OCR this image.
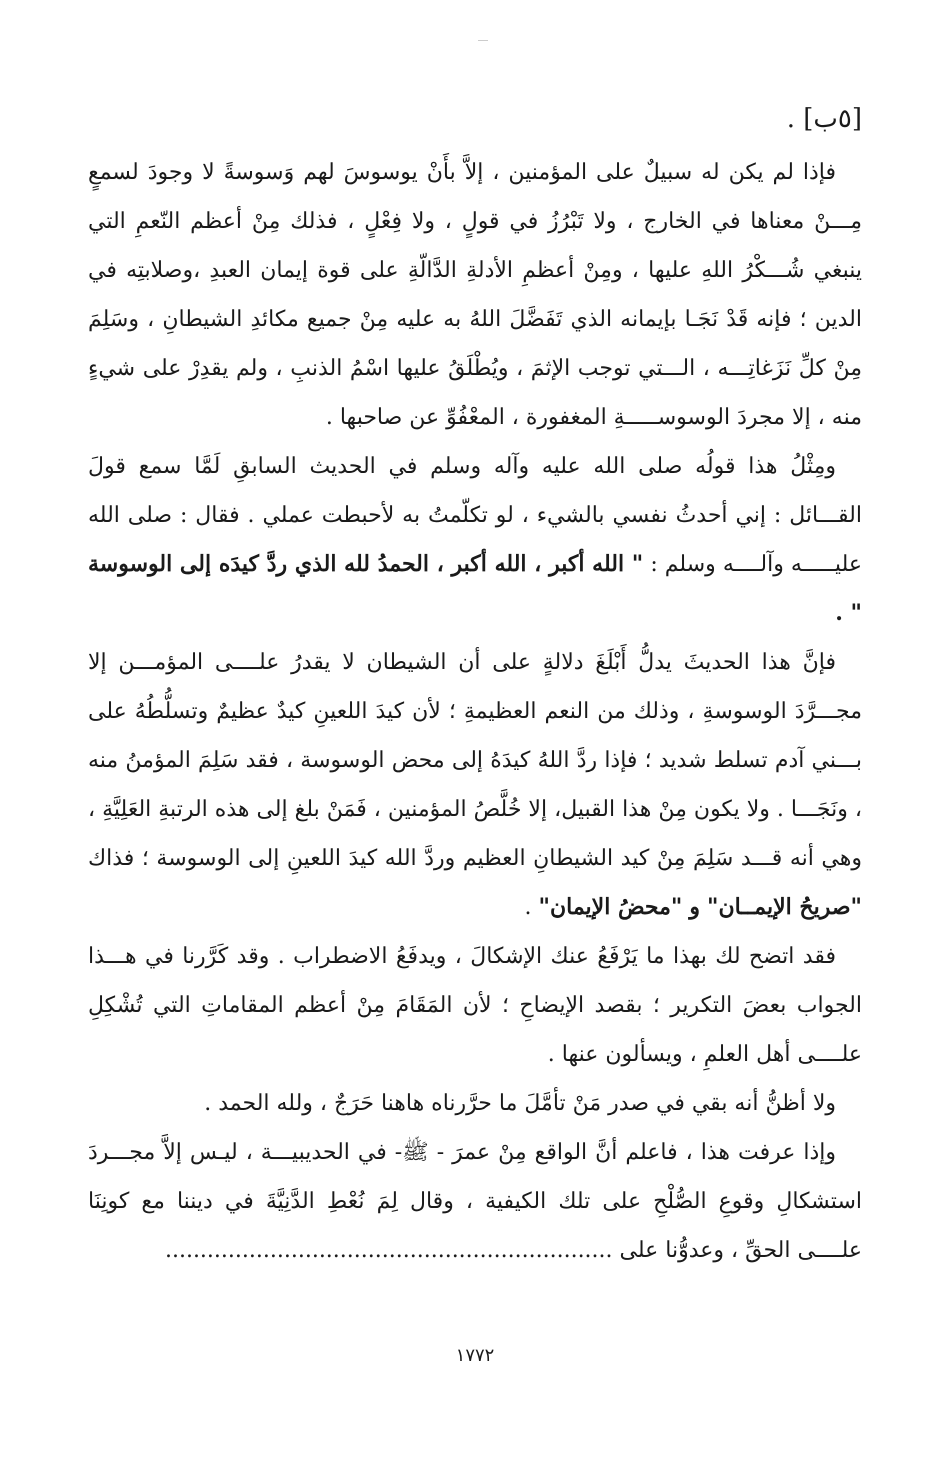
[٥ب] .

فإذا لم يكن له سبيلٌ على المؤمنين ، إلاَّ بأَنْ يوسوسَ لهم وَسوسةً لا وجودَ لسمعٍ مِـــنْ معناها في الخارج ، ولا تَبْرُزُ في قولٍ ، ولا فِعْلٍ ، فذلك مِنْ أعظم النّعمِ التي ينبغي شُـــكْرُ اللهِ عليها ، ومِنْ أعظمِ الأدلةِ الدَّالّةِ على قوة إيمان العبدِ ،وصلابتِه في الدين ؛ فإنه قَدْ نَجَـا بإيمانه الذي تَفَضَّلَ اللهُ به عليه مِنْ جميع مكائدِ الشيطانِ ، وسَلِمَ مِنْ كلِّ نَزَغاتِـــه ، الـــتي توجب الإثمَ ، ويُطْلَقُ عليها اسْمُ الذنبِ ، ولم يقدِرْ على شيءٍ منه ، إلا مجردَ الوسوســـــةِ المغفورة ، المعْفُوِّ عن صاحبها .

ومِثْلُ هذا قولُه صلى الله عليه وآله وسلم في الحديث السابقِ لَمَّا سمع قولَ القـــائل : إني أحدثُ نفسي بالشيء ، لو تكلّمتُ به لأحبطت عملي . فقال : صلى الله عليـــــه وآلــــه وسلم : " الله أكبر ، الله أكبر ، الحمدُ لله الذي ردَّ كيدَه إلى الوسوسة " .

فإنَّ هذا الحديثَ يدلُّ أَبْلَغَ دلالةٍ على أن الشيطان لا يقدرُ علــــى المؤمـــن إلا مجـــرَّدَ الوسوسةِ ، وذلك من النعم العظيمةِ ؛ لأن كيدَ اللعينِ كيدٌ عظيمٌ وتسلُّطُهُ على بـــني آدم تسلط شديد ؛ فإذا ردَّ اللهُ كيدَهُ إلى محض الوسوسة ، فقد سَلِمَ المؤمنُ منه ، ونَجَـــا . ولا يكون مِنْ هذا القبيل، إلا خُلَّصُ المؤمنين ، فَمَنْ بلغ إلى هذه الرتبةِ العَلِيَّةِ ، وهي أنه قـــد سَلِمَ مِنْ كيد الشيطانِ العظيم وردَّ الله كيدَ اللعينِ إلى الوسوسة ؛ فذاك "صريحُ الإيمــان" و "محضُ الإيمان" .

فقد اتضح لك بهذا ما يَرْفَعُ عنك الإشكالَ ، ويدفَعُ الاضطراب . وقد كَرَّرنا في هـــذا الجواب بعضَ التكرير ؛ بقصد الإيضاحِ ؛ لأن المَقَامَ مِنْ أعظم المقاماتِ التي تُشْكِلِ علــــى أهل العلمِ ، ويسألون عنها .

ولا أظنُّ أنه بقي في صدر مَنْ تأمَّلَ ما حرَّرناه هاهنا حَرَجٌ ، ولله الحمد .

وإذا عرفت هذا ، فاعلم أنَّ الواقع مِنْ عمرَ - ﷺ- في الحديبيـــة ، ليـس إلاَّ مجـــردَ استشكالِ وقوعِ الصُّلْحِ على تلك الكيفية ، وقال لِمَ نُعْطِ الدَّنِيَّةَ في ديننا مع كونِنَا علــــى الحقِّ ، وعدوُّنا على ................................................................

١٧٧٢
